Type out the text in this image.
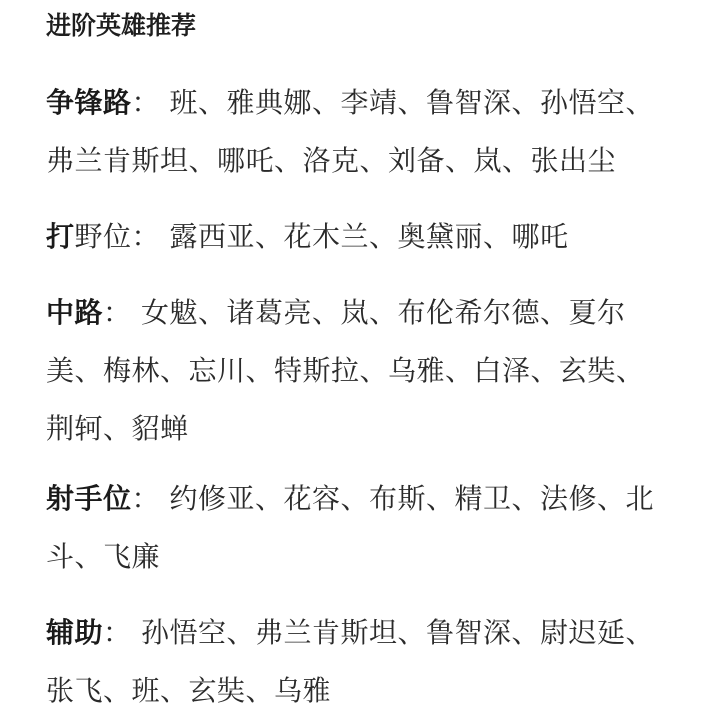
进阶英雄推荐
争锋路： 班、雅典娜、李靖、鲁智深、孙悟空、
弗兰肯斯坦、哪吒、洛克、刘备、岚、张出尘
打野位： 露西亚、花木兰、奥黛丽、哪吒
中路： 女魃、诸葛亮、岚、布伦希尔德、夏尔
美、梅林、忘川、特斯拉、乌雅、白泽、玄奘、
荆轲、貂蝉
射手位： 约修亚、花容、布斯、精卫、法修、北
斗、飞廉
辅助： 孙悟空、弗兰肯斯坦、鲁智深、尉迟延、
张飞、班、玄奘、乌雅
